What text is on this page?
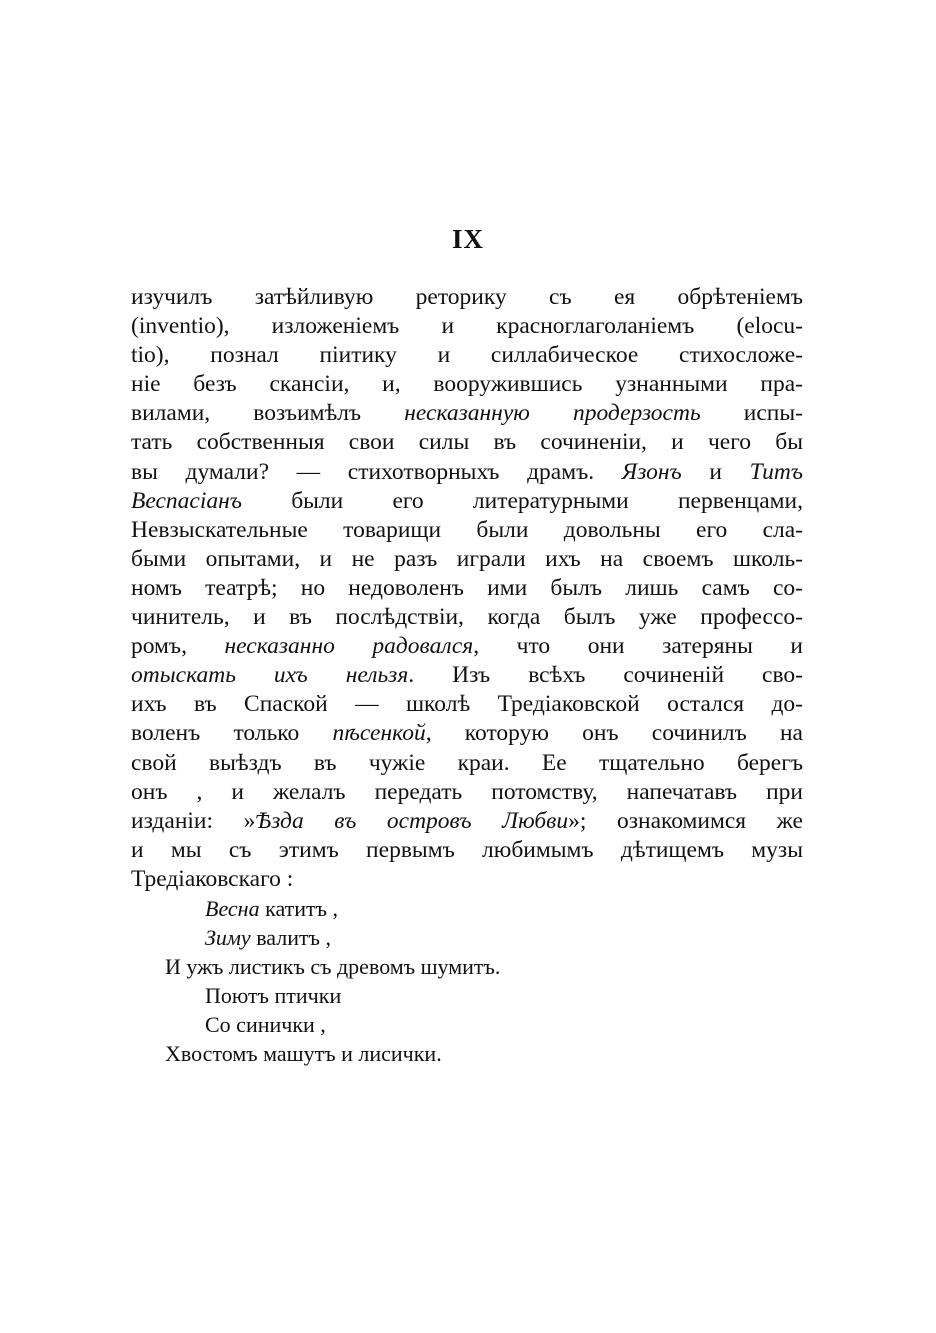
IX
изучилъ затѣйливую реторику съ ея обрѣтеніемъ
(inventio), изложеніемъ и красноглаголаніемъ (elocu-
tio), познал пiитику и силлабическое стихосложе-
ніе безъ скансіи, и, вооружившись узнанными пра-
вилами, возъимѣлъ несказанную продерзость испы-
тать собственныя свои силы въ сочиненіи, и чего бы
вы думали? — стихотворныхъ драмъ. Язонъ и Титъ
Веспасіанъ были его литературными первенцами,
Невзыскательные товарищи были довольны его сла-
быми опытами, и не разъ играли ихъ на своемъ школь-
номъ театрѣ; но недоволенъ ими былъ лишь самъ со-
чинитель, и въ послѣдствіи, когда былъ уже профессо-
ромъ, несказанно радовался, что они затеряны и
отыскать ихъ нельзя. Изъ всѣхъ сочиненій сво-
ихъ въ Спаской — школѣ Тредіаковской остался до-
воленъ только пѣсенкой, которую онъ сочинилъ на
свой выѣздъ въ чужіе краи. Ее тщательно берегъ
онъ , и желалъ передать потомству, напечатавъ при
изданіи: »Ѣзда въ островъ Любви»; ознакомимся же
и мы съ этимъ первымъ любимымъ дѣтищемъ музы
Тредіаковскаго :
Весна катитъ ,
Зиму валитъ ,
И ужъ листикъ съ древомъ шумитъ.
Поютъ птички
Со синички ,
Хвостомъ машутъ и лисички.
